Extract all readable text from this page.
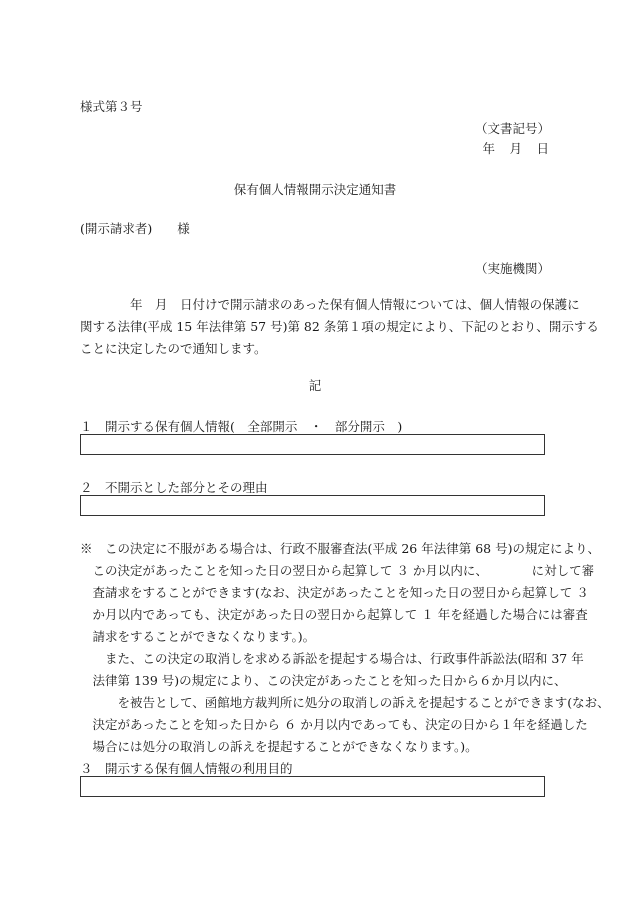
様式第３号
（文書記号）
年　月　日
保有個人情報開示決定通知書
(開示請求者)　　様
（実施機関）
　　　　年　月　日付けで開示請求のあった保有個人情報については、個人情報の保護に
関する法律(平成 15 年法律第 57 号)第 82 条第１項の規定により、下記のとおり、開示する
ことに決定したので通知します。
記
１　開示する保有個人情報(　全部開示　・　部分開示　)
２　不開示とした部分とその理由
※　この決定に不服がある場合は、行政不服審査法(平成 26 年法律第 68 号)の規定により、
　この決定があったことを知った日の翌日から起算して ３ か月以内に、　　　　に対して審
　査請求をすることができます(なお、決定があったことを知った日の翌日から起算して ３
　か月以内であっても、決定があった日の翌日から起算して １ 年を経過した場合には審査
　請求をすることができなくなります。)。
　　また、この決定の取消しを求める訴訟を提起する場合は、行政事件訴訟法(昭和 37 年
　法律第 139 号)の規定により、この決定があったことを知った日から６か月以内に、
　　　を被告として、函館地方裁判所に処分の取消しの訴えを提起することができます(なお、
　決定があったことを知った日から ６ か月以内であっても、決定の日から１年を経過した
　場合には処分の取消しの訴えを提起することができなくなります。)。
３　開示する保有個人情報の利用目的
